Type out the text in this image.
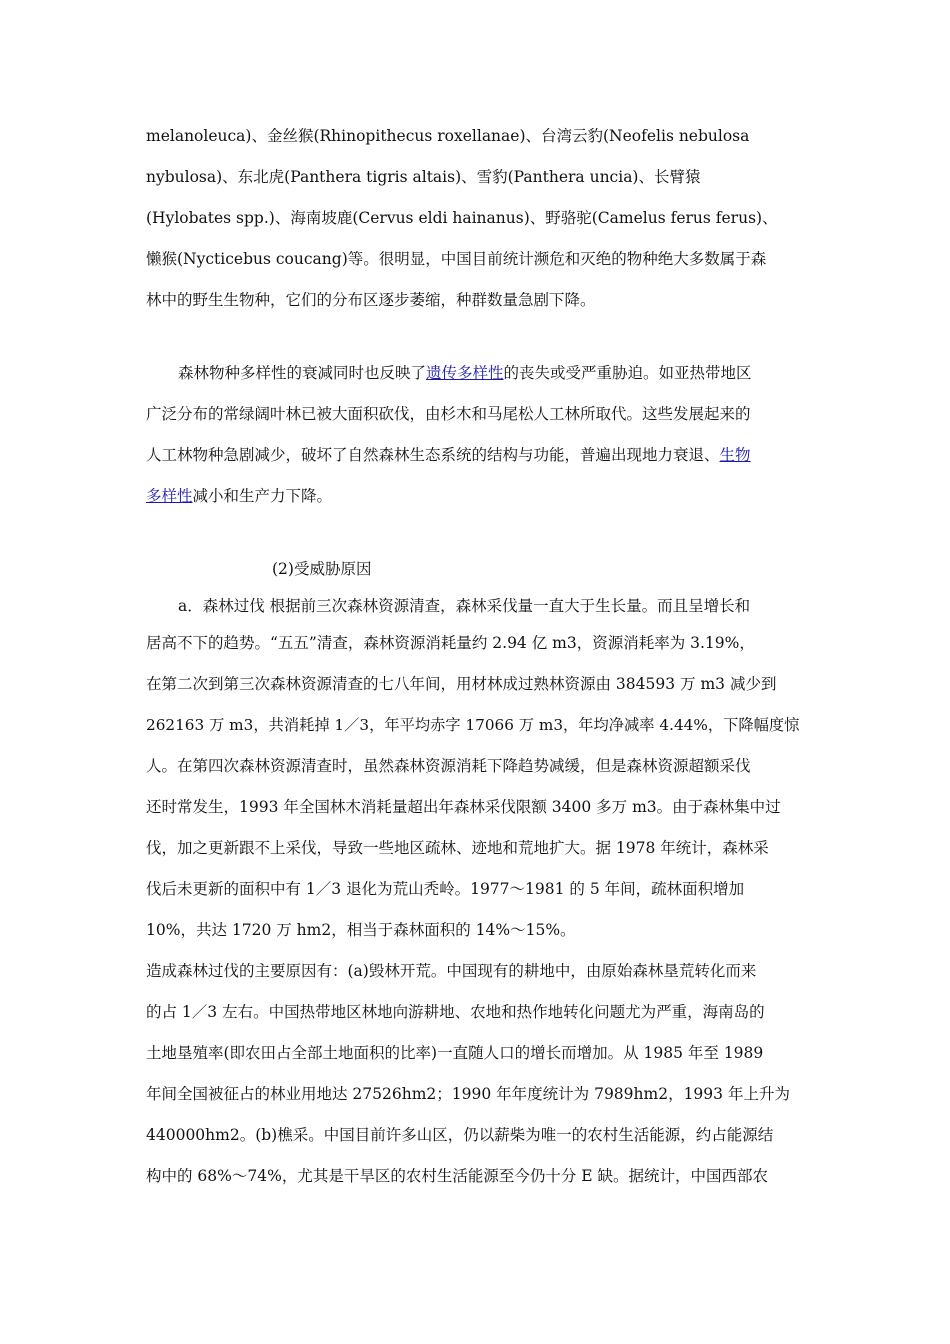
melanoleuca)、金丝猴(Rhinopithecus roxellanae)、台湾云豹(Neofelis nebulosa
nybulosa)、东北虎(Panthera tigris altais)、雪豹(Panthera uncia)、长臂猿
(Hylobates spp.)、海南坡鹿(Cervus eldi hainanus)、野骆驼(Camelus ferus ferus)、
懒猴(Nycticebus coucang)等。很明显，中国目前统计濒危和灭绝的物种绝大多数属于森
林中的野生生物种，它们的分布区逐步萎缩，种群数量急剧下降。
森林物种多样性的衰减同时也反映了遗传多样性的丧失或受严重胁迫。如亚热带地区
广泛分布的常绿阔叶林已被大面积砍伐，由杉木和马尾松人工林所取代。这些发展起来的
人工林物种急剧减少，破坏了自然森林生态系统的结构与功能，普遍出现地力衰退、生物
多样性减小和生产力下降。
(2)受威胁原因
a．森林过伐 根据前三次森林资源清查，森林采伐量一直大于生长量。而且呈增长和
居高不下的趋势。“五五”清查，森林资源消耗量约 2.94 亿 m3，资源消耗率为 3.19%，
在第二次到第三次森林资源清查的七八年间，用材林成过熟林资源由 384593 万 m3 减少到
262163 万 m3，共消耗掉 1／3，年平均赤字 17066 万 m3，年均净减率 4.44%，下降幅度惊
人。在第四次森林资源清查时，虽然森林资源消耗下降趋势减缓，但是森林资源超额采伐
还时常发生，1993 年全国林木消耗量超出年森林采伐限额 3400 多万 m3。由于森林集中过
伐，加之更新跟不上采伐，导致一些地区疏林、迹地和荒地扩大。据 1978 年统计，森林采
伐后未更新的面积中有 1／3 退化为荒山秃岭。1977～1981 的 5 年间，疏林面积增加
10%，共达 1720 万 hm2，相当于森林面积的 14%～15%。
造成森林过伐的主要原因有：(a)毁林开荒。中国现有的耕地中，由原始森林垦荒转化而来
的占 1／3 左右。中国热带地区林地向游耕地、农地和热作地转化问题尤为严重，海南岛的
土地垦殖率(即农田占全部土地面积的比率)一直随人口的增长而增加。从 1985 年至 1989
年间全国被征占的林业用地达 27526hm2；1990 年年度统计为 7989hm2，1993 年上升为
440000hm2。(b)樵采。中国目前许多山区，仍以薪柴为唯一的农村生活能源，约占能源结
构中的 68%～74%，尤其是干旱区的农村生活能源至今仍十分 E 缺。据统计，中国西部农
